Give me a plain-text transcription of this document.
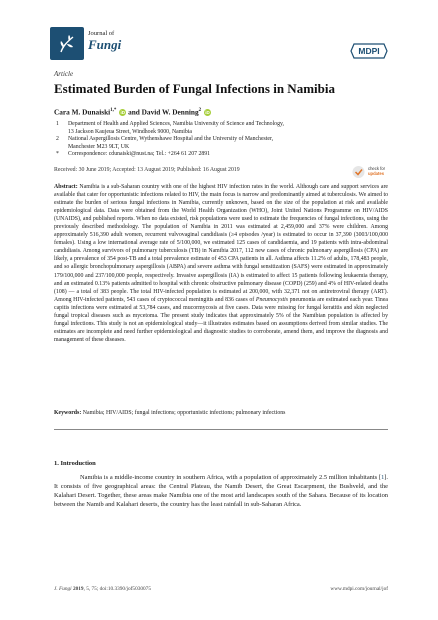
Journal of
Fungi	MDPI
Article
Estimated Burden of Fungal Infections in Namibia
Cara M. Dunaiski$^{1,*}$ iD and David W. Denning$^2$ iD
1 Department of Health and Applied Sciences, Namibia University of Science and Technology,
13 Jackson Kaujeua Street, Windhoek 9000, Namibia
2 National Aspergillosis Centre, Wythenshawe Hospital and the University of Manchester,
Manchester M23 9LT, UK
* Correspondence: cdunaiski@nust.na; Tel.: +264 61 207 2891
Received: 30 June 2019; Accepted: 13 August 2019; Published: 16 August 2019	check for
updates
Abstract: Namibia is a sub-Saharan country with one of the highest HIV infection rates in the world. Although care and support services are available that cater for opportunistic infections related to HIV, the main focus is narrow and predominantly aimed at tuberculosis. We aimed to estimate the burden of serious fungal infections in Namibia, currently unknown, based on the size of the population at risk and available epidemiological data. Data were obtained from the World Health Organization (WHO), Joint United Nations Programme on HIV/AIDS (UNAIDS), and published reports. When no data existed, risk populations were used to estimate the frequencies of fungal infections, using the previously described methodology. The population of Namibia in 2011 was estimated at 2,459,000 and 37% were children. Among approximately 516,390 adult women, recurrent vulvovaginal candidiasis (≥4 episodes /year) is estimated to occur in 37,390 (3003/100,000 females). Using a low international average rate of 5/100,000, we estimated 125 cases of candidaemia, and 19 patients with intra-abdominal candidiasis. Among survivors of pulmonary tuberculosis (TB) in Namibia 2017, 112 new cases of chronic pulmonary aspergillosis (CPA) are likely, a prevalence of 354 post-TB and a total prevalence estimate of 453 CPA patients in all. Asthma affects 11.2% of adults, 178,483 people, and so allergic bronchopulmonary aspergillosis (ABPA) and severe asthma with fungal sensitization (SAFS) were estimated in approximately 179/100,000 and 237/100,000 people, respectively. Invasive aspergillosis (IA) is estimated to affect 15 patients following leukaemia therapy, and an estimated 0.13% patients admitted to hospital with chronic obstructive pulmonary disease (COPD) (259) and 4% of HIV-related deaths (108) — a total of 383 people. The total HIV-infected population is estimated at 200,000, with 32,371 not on antiretroviral therapy (ART). Among HIV-infected patients, 543 cases of cryptococcal meningitis and 836 cases of Pneumocystis pneumonia are estimated each year. Tinea capitis infections were estimated at 53,784 cases, and mucormycosis at five cases. Data were missing for fungal keratitis and skin neglected fungal tropical diseases such as mycetoma. The present study indicates that approximately 5% of the Namibian population is affected by fungal infections. This study is not an epidemiological study—it illustrates estimates based on assumptions derived from similar studies. The estimates are incomplete and need further epidemiological and diagnostic studies to corroborate, amend them, and improve the diagnosis and management of these diseases.
Keywords: Namibia; HIV/AIDS; fungal infections; opportunistic infections; pulmonary infections
1. Introduction
Namibia is a middle-income country in southern Africa, with a population of approximately 2.5 million inhabitants [1]. It consists of five geographical areas: the Central Plateau, the Namib Desert, the Great Escarpment, the Bushveld, and the Kalahari Desert. Together, these areas make Namibia one of the most arid landscapes south of the Sahara. Because of its location between the Namib and Kalahari deserts, the country has the least rainfall in sub-Saharan Africa.
J. Fungi 2019, 5, 75; doi:10.3390/jof5030075	www.mdpi.com/journal/jof
